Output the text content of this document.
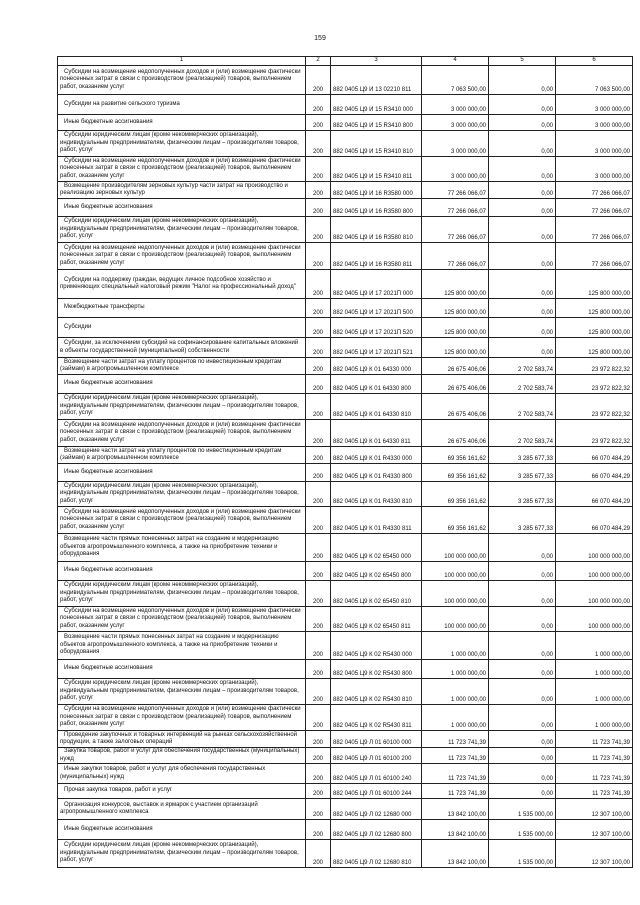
159
1	2	3	4	5	6
Субсидии на возмещение недополученных доходов и (или) возмещение фактически понесенных затрат в связи с производством (реализацией) товаров, выполнением работ, оказанием услуг	200	882 0405 Ц9 И 13 02210 811	7 063 500,00	0,00	7 063 500,00
Субсидии на развитие сельского туризма	200	882 0405 Ц9 И 15 R3410 000	3 000 000,00	0,00	3 000 000,00
Иные бюджетные ассигнования	200	882 0405 Ц9 И 15 R3410 800	3 000 000,00	0,00	3 000 000,00
Субсидии юридическим лицам (кроме некоммерческих организаций), индивидуальным предпринимателям, физическим лицам – производителям товаров, работ, услуг	200	882 0405 Ц9 И 15 R3410 810	3 000 000,00	0,00	3 000 000,00
Субсидии на возмещение недополученных доходов и (или) возмещение фактически понесенных затрат в связи с производством (реализацией) товаров, выполнением работ, оказанием услуг	200	882 0405 Ц9 И 15 R3410 811	3 000 000,00	0,00	3 000 000,00
Возмещение производителям зерновых культур части затрат на производство и реализацию зерновых культур	200	882 0405 Ц9 И 16 R3580 000	77 266 066,07	0,00	77 266 066,07
Иные бюджетные ассигнования	200	882 0405 Ц9 И 16 R3580 800	77 266 066,07	0,00	77 266 066,07
Субсидии юридическим лицам (кроме некоммерческих организаций), индивидуальным предпринимателям, физическим лицам – производителям товаров, работ, услуг	200	882 0405 Ц9 И 16 R3580 810	77 266 066,07	0,00	77 266 066,07
Субсидии на возмещение недополученных доходов и (или) возмещение фактически понесенных затрат в связи с производством (реализацией) товаров, выполнением работ, оказанием услуг	200	882 0405 Ц9 И 16 R3580 811	77 266 066,07	0,00	77 266 066,07
Субсидии на поддержку граждан, ведущих личное подсобное хозяйство и применяющих специальный налоговый режим "Налог на профессиональный доход"	200	882 0405 Ц9 И 17 2021П 000	125 800 000,00	0,00	125 800 000,00
Межбюджетные трансферты	200	882 0405 Ц9 И 17 2021П 500	125 800 000,00	0,00	125 800 000,00
Субсидии	200	882 0405 Ц9 И 17 2021П 520	125 800 000,00	0,00	125 800 000,00
Субсидии, за исключением субсидий на софинансирование капитальных вложений в объекты государственной (муниципальной) собственности	200	882 0405 Ц9 И 17 2021П 521	125 800 000,00	0,00	125 800 000,00
Возмещение части затрат на уплату процентов по инвестиционным кредитам (займам) в агропромышленном комплексе	200	882 0405 Ц9 К 01 64330 000	26 675 406,06	2 702 583,74	23 972 822,32
Иные бюджетные ассигнования	200	882 0405 Ц9 К 01 64330 800	26 675 406,06	2 702 583,74	23 972 822,32
Субсидии юридическим лицам (кроме некоммерческих организаций), индивидуальным предпринимателям, физическим лицам – производителям товаров, работ, услуг	200	882 0405 Ц9 К 01 64330 810	26 675 406,06	2 702 583,74	23 972 822,32
Субсидии на возмещение недополученных доходов и (или) возмещение фактически понесенных затрат в связи с производством (реализацией) товаров, выполнением работ, оказанием услуг	200	882 0405 Ц9 К 01 64330 811	26 675 406,06	2 702 583,74	23 972 822,32
Возмещение части затрат на уплату процентов по инвестиционным кредитам (займам) в агропромышленном комплексе	200	882 0405 Ц9 К 01 R4330 000	69 356 161,62	3 285 677,33	66 070 484,29
Иные бюджетные ассигнования	200	882 0405 Ц9 К 01 R4330 800	69 356 161,62	3 285 677,33	66 070 484,29
Субсидии юридическим лицам (кроме некоммерческих организаций), индивидуальным предпринимателям, физическим лицам – производителям товаров, работ, услуг	200	882 0405 Ц9 К 01 R4330 810	69 356 161,62	3 285 677,33	66 070 484,29
Субсидии на возмещение недополученных доходов и (или) возмещение фактически понесенных затрат в связи с производством (реализацией) товаров, выполнением работ, оказанием услуг	200	882 0405 Ц9 К 01 R4330 811	69 356 161,62	3 285 677,33	66 070 484,29
Возмещение части прямых понесенных затрат на создание и модернизацию объектов агропромышленного комплекса, а также на приобретение техники и оборудования	200	882 0405 Ц9 К 02 65450 000	100 000 000,00	0,00	100 000 000,00
Иные бюджетные ассигнования	200	882 0405 Ц9 К 02 65450 800	100 000 000,00	0,00	100 000 000,00
Субсидии юридическим лицам (кроме некоммерческих организаций), индивидуальным предпринимателям, физическим лицам – производителям товаров, работ, услуг	200	882 0405 Ц9 К 02 65450 810	100 000 000,00	0,00	100 000 000,00
Субсидии на возмещение недополученных доходов и (или) возмещение фактически понесенных затрат в связи с производством (реализацией) товаров, выполнением работ, оказанием услуг	200	882 0405 Ц9 К 02 65450 811	100 000 000,00	0,00	100 000 000,00
Возмещение части прямых понесенных затрат на создание и модернизацию объектов агропромышленного комплекса, а также на приобретение техники и оборудования	200	882 0405 Ц9 К 02 R5430 000	1 000 000,00	0,00	1 000 000,00
Иные бюджетные ассигнования	200	882 0405 Ц9 К 02 R5430 800	1 000 000,00	0,00	1 000 000,00
Субсидии юридическим лицам (кроме некоммерческих организаций), индивидуальным предпринимателям, физическим лицам – производителям товаров, работ, услуг	200	882 0405 Ц9 К 02 R5430 810	1 000 000,00	0,00	1 000 000,00
Субсидии на возмещение недополученных доходов и (или) возмещение фактически понесенных затрат в связи с производством (реализацией) товаров, выполнением работ, оказанием услуг	200	882 0405 Ц9 К 02 R5430 811	1 000 000,00	0,00	1 000 000,00
Проведение закупочных и товарных интервенций на рынках сельскохозяйственной продукции, а также залоговых операций	200	882 0405 Ц9 Л 01 60100 000	11 723 741,39	0,00	11 723 741,39
Закупка товаров, работ и услуг для обеспечения государственных (муниципальных) нужд	200	882 0405 Ц9 Л 01 60100 200	11 723 741,39	0,00	11 723 741,39
Иные закупки товаров, работ и услуг для обеспечения государственных (муниципальных) нужд	200	882 0405 Ц9 Л 01 60100 240	11 723 741,39	0,00	11 723 741,39
Прочая закупка товаров, работ и услуг	200	882 0405 Ц9 Л 01 60100 244	11 723 741,39	0,00	11 723 741,39
Организация конкурсов, выставок и ярмарок с участием организаций агропромышленного комплекса	200	882 0405 Ц9 Л 02 12680 000	13 842 100,00	1 535 000,00	12 307 100,00
Иные бюджетные ассигнования	200	882 0405 Ц9 Л 02 12680 800	13 842 100,00	1 535 000,00	12 307 100,00
Субсидии юридическим лицам (кроме некоммерческих организаций), индивидуальным предпринимателям, физическим лицам – производителям товаров, работ, услуг	200	882 0405 Ц9 Л 02 12680 810	13 842 100,00	1 535 000,00	12 307 100,00
